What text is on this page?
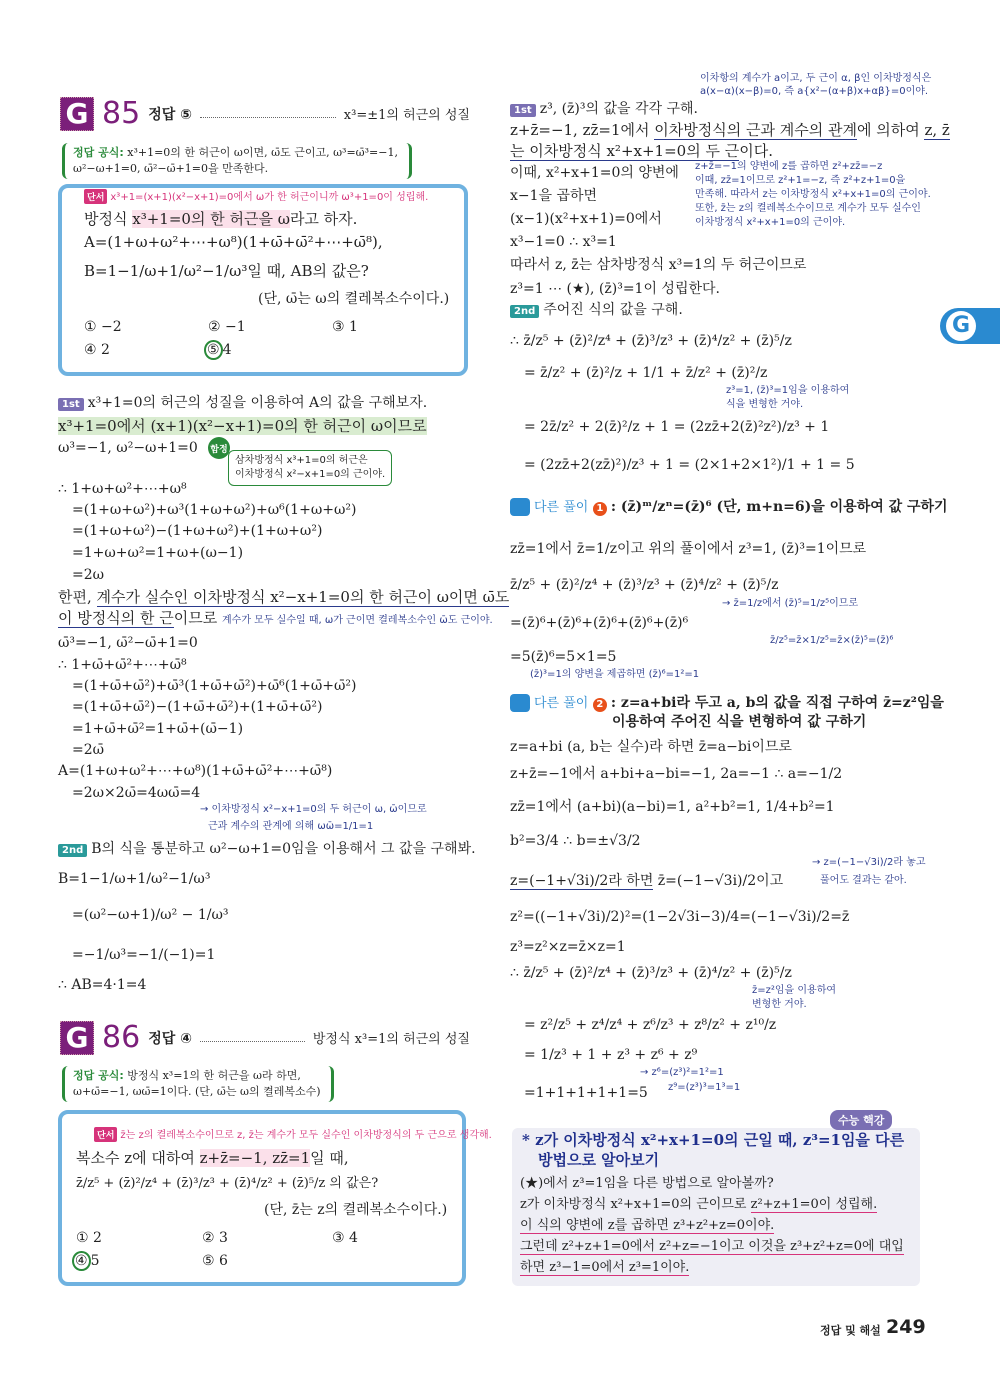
G 85 정답 ⑤	x³=±1의 허근의 성질
정답 공식: x³+1=0의 한 허근이 ω이면, ω̄도 근이고, ω³=ω̄³=−1,
ω²−ω+1=0, ω̄²−ω̄+1=0을 만족한다.
단서 x³+1=(x+1)(x²−x+1)=0에서 ω가 한 허근이니까 ω³+1=0이 성립해.
방정식 x³+1=0의 한 허근을 ω라고 하자.
A=(1+ω+ω²+⋯+ω⁸)(1+ω̄+ω̄²+⋯+ω̄⁸),
B=1−1/ω+1/ω²−1/ω³일 때, AB의 값은?
(단, ω̄는 ω의 켤레복소수이다.)
① −2	② −1	③ 1
④ 2	⑤ 4
1st x³+1=0의 허근의 성질을 이용하여 A의 값을 구해보자.
x³+1=0에서 (x+1)(x²−x+1)=0의 한 허근이 ω이므로
ω³=−1, ω²−ω+1=0 함정
삼차방정식 x³+1=0의 허근은
이차방정식 x²−x+1=0의 근이야.
∴ 1+ω+ω²+⋯+ω⁸
=(1+ω+ω²)+ω³(1+ω+ω²)+ω⁶(1+ω+ω²)
=(1+ω+ω²)−(1+ω+ω²)+(1+ω+ω²)
=1+ω+ω²=1+ω+(ω−1)
=2ω
한편, 계수가 실수인 이차방정식 x²−x+1=0의 한 허근이 ω이면 ω̄도
이 방정식의 한 근이므로 계수가 모두 실수일 때, ω가 근이면 켤레복소수인 ω̄도 근이야.
ω̄³=−1, ω̄²−ω̄+1=0
∴ 1+ω̄+ω̄²+⋯+ω̄⁸
=(1+ω̄+ω̄²)+ω̄³(1+ω̄+ω̄²)+ω̄⁶(1+ω̄+ω̄²)
=(1+ω̄+ω̄²)−(1+ω̄+ω̄²)+(1+ω̄+ω̄²)
=1+ω̄+ω̄²=1+ω̄+(ω̄−1)
=2ω̄
A=(1+ω+ω²+⋯+ω⁸)(1+ω̄+ω̄²+⋯+ω̄⁸)
=2ω×2ω̄=4ωω̄=4
→ 이차방정식 x²−x+1=0의 두 허근이 ω, ω̄이므로
근과 계수의 관계에 의해 ωω̄=1/1=1
2nd B의 식을 통분하고 ω²−ω+1=0임을 이용해서 그 값을 구해봐.
B=1−1/ω+1/ω²−1/ω³
=(ω²−ω+1)/ω² − 1/ω³
=−1/ω³=−1/(−1)=1
∴ AB=4·1=4
G 86 정답 ④	방정식 x³=1의 허근의 성질
정답 공식: 방정식 x³=1의 한 허근을 ω라 하면,
ω+ω̄=−1, ωω̄=1이다. (단, ω̄는 ω의 켤레복소수)
단서 z̄는 z의 켤레복소수이므로 z, z̄는 계수가 모두 실수인 이차방정식의 두 근으로 생각해.
복소수 z에 대하여 z+z̄=−1, zz̄=1일 때,
z̄/z⁵ + (z̄)²/z⁴ + (z̄)³/z³ + (z̄)⁴/z² + (z̄)⁵/z 의 값은?
(단, z̄는 z의 켤레복소수이다.)
① 2	② 3	③ 4
④ 5	⑤ 6
이차항의 계수가 a이고, 두 근이 α, β인 이차방정식은
a(x−α)(x−β)=0, 즉 a{x²−(α+β)x+αβ}=0이야.
1st z³, (z̄)³의 값을 각각 구해.
z+z̄=−1, zz̄=1에서 이차방정식의 근과 계수의 관계에 의하여 z, z̄
는 이차방정식 x²+x+1=0의 두 근이다.
이때, x²+x+1=0의 양변에
x−1을 곱하면
(x−1)(x²+x+1)=0에서
x³−1=0 ∴ x³=1
따라서 z, z̄는 삼차방정식 x³=1의 두 허근이므로
z³=1 ⋯ (★), (z̄)³=1이 성립한다.
z+z̄=−1의 양변에 z를 곱하면 z²+zz̄=−z
이때, zz̄=1이므로 z²+1=−z, 즉 z²+z+1=0을
만족해. 따라서 z는 이차방정식 x²+x+1=0의 근이야.
또한, z̄는 z의 켤레복소수이므로 계수가 모두 실수인
이차방정식 x²+x+1=0의 근이야.
2nd 주어진 식의 값을 구해.
∴ z̄/z⁵ + (z̄)²/z⁴ + (z̄)³/z³ + (z̄)⁴/z² + (z̄)⁵/z
= z̄/z² + (z̄)²/z + 1/1 + z̄/z² + (z̄)²/z
z³=1, (z̄)³=1임을 이용하여
식을 변형한 거야.
= 2z̄/z² + 2(z̄)²/z + 1 = (2zz̄+2(z̄)²z²)/z³ + 1
= (2zz̄+2(zz̄)²)/z³ + 1 = (2×1+2×1²)/1 + 1 = 5
다른 풀이 1 : (z̄)ᵐ/zⁿ=(z̄)⁶ (단, m+n=6)을 이용하여 값 구하기
zz̄=1에서 z̄=1/z이고 위의 풀이에서 z³=1, (z̄)³=1이므로
z̄/z⁵ + (z̄)²/z⁴ + (z̄)³/z³ + (z̄)⁴/z² + (z̄)⁵/z
→ z̄=1/z에서 (z̄)⁵=1/z⁵이므로
=(z̄)⁶+(z̄)⁶+(z̄)⁶+(z̄)⁶+(z̄)⁶
z̄/z⁵=z̄×1/z⁵=z̄×(z̄)⁵=(z̄)⁶
=5(z̄)⁶=5×1=5
(z̄)³=1의 양변을 제곱하면 (z̄)⁶=1²=1
다른 풀이 2 : z=a+bi라 두고 a, b의 값을 직접 구하여 z̄=z²임을
이용하여 주어진 식을 변형하여 값 구하기
z=a+bi (a, b는 실수)라 하면 z̄=a−bi이므로
z+z̄=−1에서 a+bi+a−bi=−1, 2a=−1 ∴ a=−1/2
zz̄=1에서 (a+bi)(a−bi)=1, a²+b²=1, 1/4+b²=1
b²=3/4 ∴ b=±√3/2
→ z=(−1−√3i)/2라 놓고
z=(−1+√3i)/2라 하면 z̄=(−1−√3i)/2이고	풀어도 결과는 같아.
z²=((−1+√3i)/2)²=(1−2√3i−3)/4=(−1−√3i)/2=z̄
z³=z²×z=z̄×z=1
∴ z̄/z⁵ + (z̄)²/z⁴ + (z̄)³/z³ + (z̄)⁴/z² + (z̄)⁵/z
z̄=z²임을 이용하여
변형한 거야.
= z²/z⁵ + z⁴/z⁴ + z⁶/z³ + z⁸/z² + z¹⁰/z
= 1/z³ + 1 + z³ + z⁶ + z⁹
→ z⁶=(z³)²=1²=1
z⁹=(z³)³=1³=1
=1+1+1+1+1=5
수능 핵강
* z가 이차방정식 x²+x+1=0의 근일 때, z³=1임을 다른
방법으로 알아보기
(★)에서 z³=1임을 다른 방법으로 알아볼까?
z가 이차방정식 x²+x+1=0의 근이므로 z²+z+1=0이 성립해.
이 식의 양변에 z를 곱하면 z³+z²+z=0이야.
그런데 z²+z+1=0에서 z²+z=−1이고 이것을 z³+z²+z=0에 대입
하면 z³−1=0에서 z³=1이야.
G
정답 및 해설 249
